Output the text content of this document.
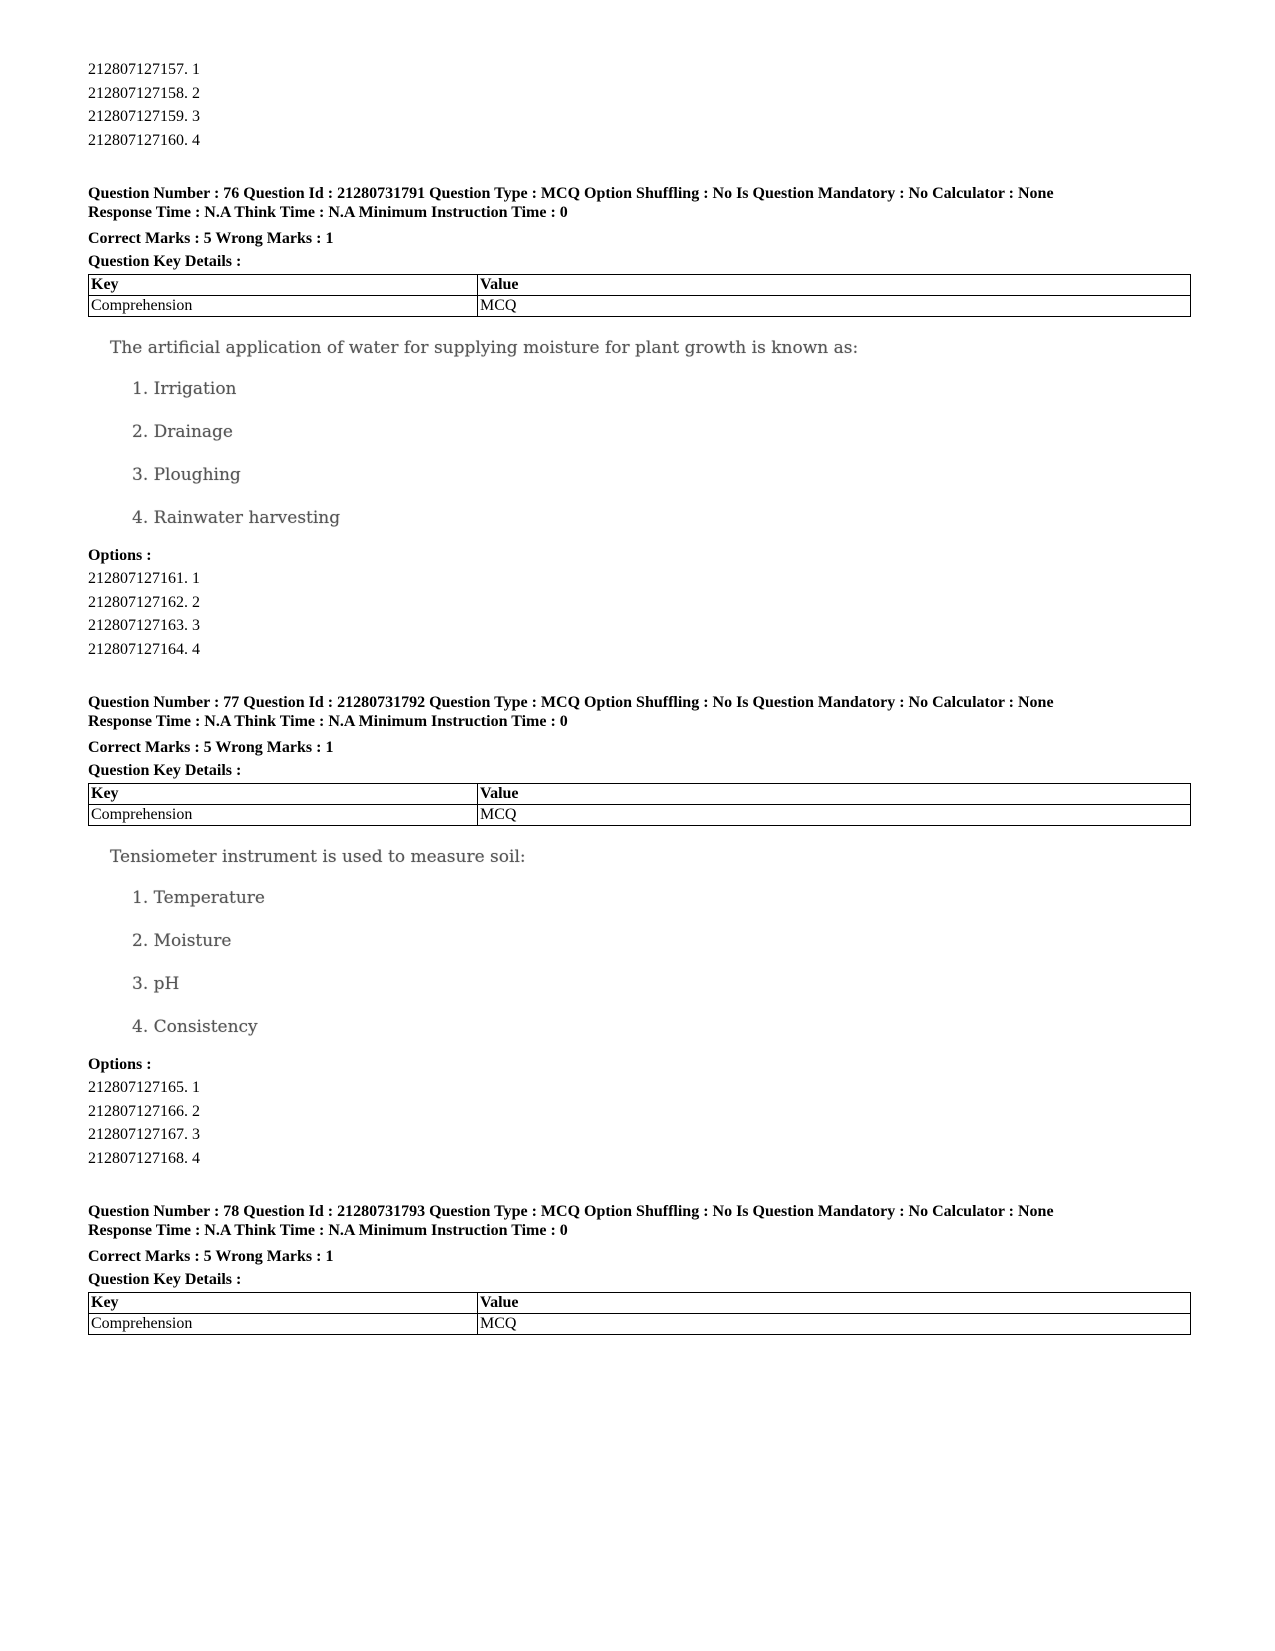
212807127157. 1

212807127158. 2

212807127159. 3

212807127160. 4

Question Number : 76 Question Id : 21280731791 Question Type : MCQ Option Shuffling : No Is Question Mandatory : No Calculator : None

Response Time : N.A Think Time : N.A Minimum Instruction Time : 0

Correct Marks : 5 Wrong Marks : 1

Question Key Details :

Key	Value
Comprehension	MCQ

The artificial application of water for supplying moisture for plant growth is known as:

1. Irrigation

2. Drainage

3. Ploughing

4. Rainwater harvesting

Options :

212807127161. 1

212807127162. 2

212807127163. 3

212807127164. 4

Question Number : 77 Question Id : 21280731792 Question Type : MCQ Option Shuffling : No Is Question Mandatory : No Calculator : None

Response Time : N.A Think Time : N.A Minimum Instruction Time : 0

Correct Marks : 5 Wrong Marks : 1

Question Key Details :

Key	Value
Comprehension	MCQ

Tensiometer instrument is used to measure soil:

1. Temperature

2. Moisture

3. pH

4. Consistency

Options :

212807127165. 1

212807127166. 2

212807127167. 3

212807127168. 4

Question Number : 78 Question Id : 21280731793 Question Type : MCQ Option Shuffling : No Is Question Mandatory : No Calculator : None

Response Time : N.A Think Time : N.A Minimum Instruction Time : 0

Correct Marks : 5 Wrong Marks : 1

Question Key Details :

Key	Value
Comprehension	MCQ
